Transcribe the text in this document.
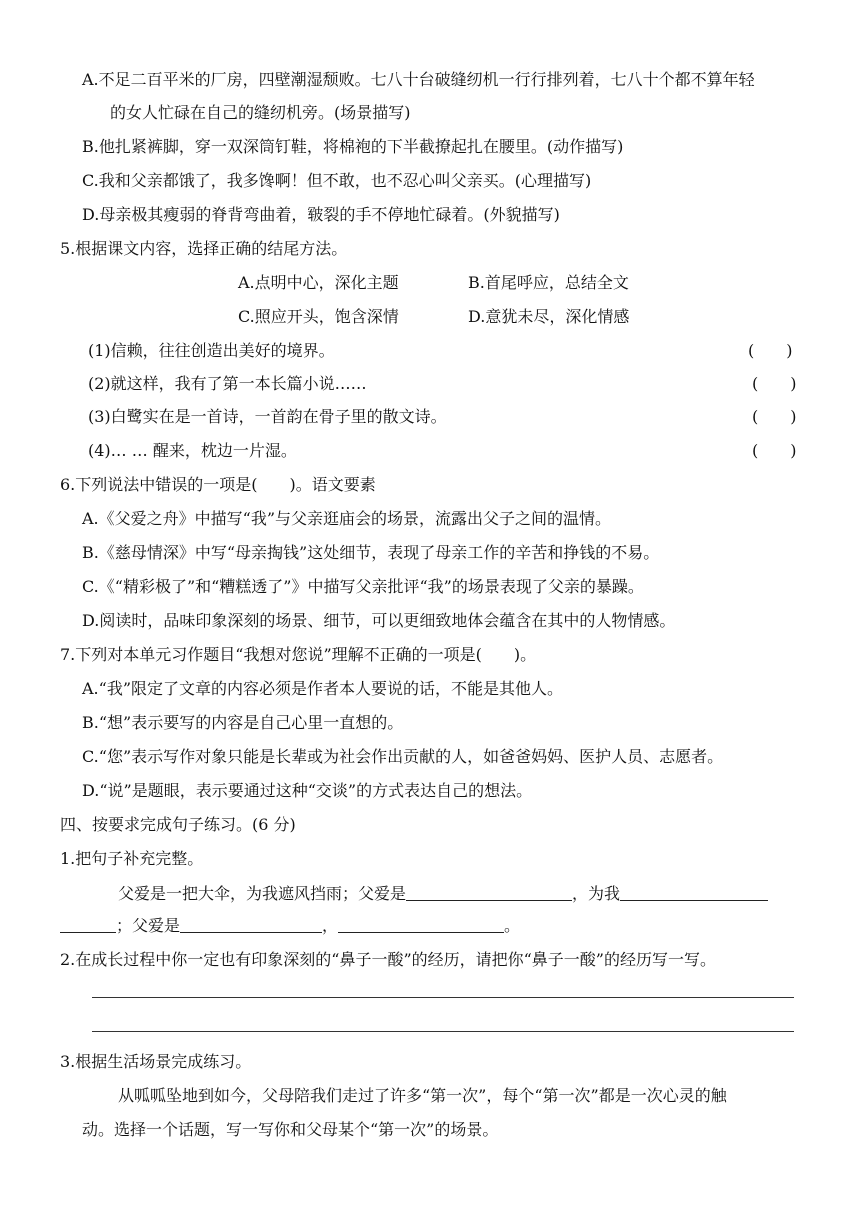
A.不足二百平米的厂房，四壁潮湿颓败。七八十台破缝纫机一行行排列着，七八十个都不算年轻
的女人忙碌在自己的缝纫机旁。(场景描写)
B.他扎紧裤脚，穿一双深筒钉鞋，将棉袍的下半截撩起扎在腰里。(动作描写)
C.我和父亲都饿了，我多馋啊！但不敢，也不忍心叫父亲买。(心理描写)
D.母亲极其瘦弱的脊背弯曲着，皲裂的手不停地忙碌着。(外貌描写)
5.根据课文内容，选择正确的结尾方法。
A.点明中心，深化主题	B.首尾呼应，总结全文
C.照应开头，饱含深情	D.意犹未尽，深化情感
(1)信赖，往往创造出美好的境界。	(　　)
(2)就这样，我有了第一本长篇小说……	(　　)
(3)白鹭实在是一首诗，一首韵在骨子里的散文诗。	(　　)
(4)… … 醒来，枕边一片湿。	(　　)
6.下列说法中错误的一项是(　　)。语文要素
A.《父爱之舟》中描写“我”与父亲逛庙会的场景，流露出父子之间的温情。
B.《慈母情深》中写“母亲掏钱”这处细节，表现了母亲工作的辛苦和挣钱的不易。
C.《“精彩极了”和“糟糕透了”》中描写父亲批评“我”的场景表现了父亲的暴躁。
D.阅读时，品味印象深刻的场景、细节，可以更细致地体会蕴含在其中的人物情感。
7.下列对本单元习作题目“我想对您说”理解不正确的一项是(　　)。
A.“我”限定了文章的内容必须是作者本人要说的话，不能是其他人。
B.“想”表示要写的内容是自己心里一直想的。
C.“您”表示写作对象只能是长辈或为社会作出贡献的人，如爸爸妈妈、医护人员、志愿者。
D.“说”是题眼，表示要通过这种“交谈”的方式表达自己的想法。
四、按要求完成句子练习。(6 分)
1.把句子补充完整。
父爱是一把大伞，为我遮风挡雨；父爱是	，为我
；父爱是	，	。
2.在成长过程中你一定也有印象深刻的“鼻子一酸”的经历，请把你“鼻子一酸”的经历写一写。
3.根据生活场景完成练习。
从呱呱坠地到如今，父母陪我们走过了许多“第一次”，每个“第一次”都是一次心灵的触
动。选择一个话题，写一写你和父母某个“第一次”的场景。
